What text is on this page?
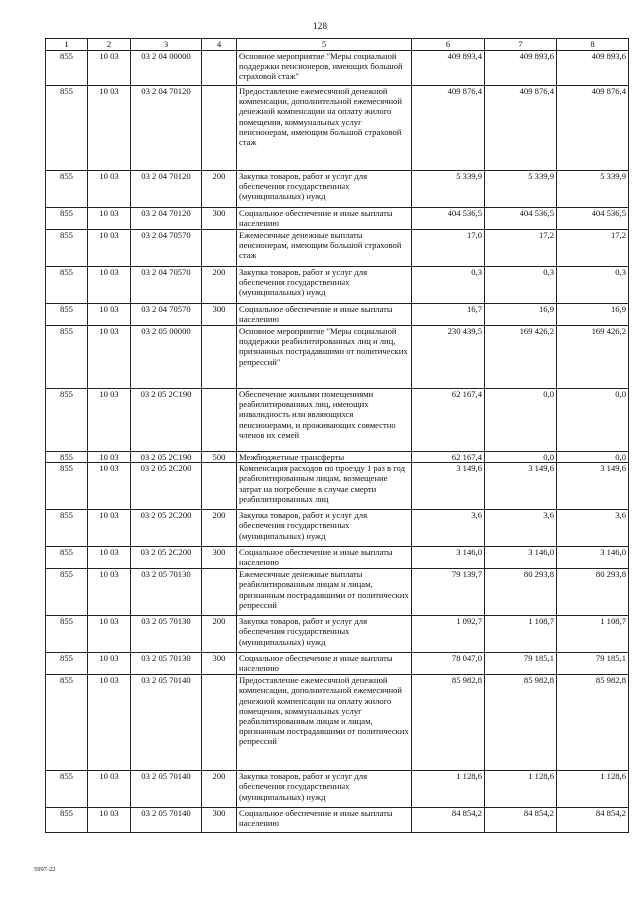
128
1	2	3	4	5	6	7	8
855	10 03	03 2 04 00000		Основное мероприятие "Меры социальной поддержки пенсионеров, имеющих большой страховой стаж"	409 893,4	409 893,6	409 893,6
855	10 03	03 2 04 70120		Предоставление ежемесячной денежной компенсации, дополнительной ежемесячной денежной компенсации на оплату жилого помещения, коммунальных услуг пенсионерам, имеющим большой страховой стаж	409 876,4	409 876,4	409 876,4
855	10 03	03 2 04 70120	200	Закупка товаров, работ и услуг для обеспечения государственных (муниципальных) нужд	5 339,9	5 339,9	5 339,9
855	10 03	03 2 04 70120	300	Социальное обеспечение и иные выплаты населению	404 536,5	404 536,5	404 536,5
855	10 03	03 2 04 70570		Ежемесячные денежные выплаты пенсионерам, имеющим большой страховой стаж	17,0	17,2	17,2
855	10 03	03 2 04 70570	200	Закупка товаров, работ и услуг для обеспечения государственных (муниципальных) нужд	0,3	0,3	0,3
855	10 03	03 2 04 70570	300	Социальное обеспечение и иные выплаты населению	16,7	16,9	16,9
855	10 03	03 2 05 00000		Основное мероприятие "Меры социальной поддержки реабилитированных лиц и лиц, признанных пострадавшими от политических репрессий"	230 439,5	169 426,2	169 426,2
855	10 03	03 2 05 2С190		Обеспечение жилыми помещениями реабилитированных лиц, имеющих инвалидность или являющихся пенсионерами, и проживающих совместно членов их семей	62 167,4	0,0	0,0
855	10 03	03 2 05 2С190	500	Межбюджетные трансферты	62 167,4	0,0	0,0
855	10 03	03 2 05 2С200		Компенсация расходов по проезду 1 раз в год реабилитированным лицам, возмещение затрат на погребение в случае смерти реабилитированных лиц	3 149,6	3 149,6	3 149,6
855	10 03	03 2 05 2С200	200	Закупка товаров, работ и услуг для обеспечения государственных (муниципальных) нужд	3,6	3,6	3,6
855	10 03	03 2 05 2С200	300	Социальное обеспечение и иные выплаты населению	3 146,0	3 146,0	3 146,0
855	10 03	03 2 05 70130		Ежемесячные денежные выплаты реабилитированным лицам и лицам, признанным пострадавшими от политических репрессий	79 139,7	80 293,8	80 293,8
855	10 03	03 2 05 70130	200	Закупка товаров, работ и услуг для обеспечения государственных (муниципальных) нужд	1 092,7	1 108,7	1 108,7
855	10 03	03 2 05 70130	300	Социальное обеспечение и иные выплаты населению	78 047,0	79 185,1	79 185,1
855	10 03	03 2 05 70140		Предоставление ежемесячной денежной компенсации, дополнительной ежемесячной денежной компенсации на оплату жилого помещения, коммунальных услуг реабилитированным лицам и лицам, признанным пострадавшими от политических репрессий	85 982,8	85 982,8	85 982,8
855	10 03	03 2 05 70140	200	Закупка товаров, работ и услуг для обеспечения государственных (муниципальных) нужд	1 128,6	1 128,6	1 128,6
855	10 03	03 2 05 70140	300	Социальное обеспечение и иные выплаты населению	84 854,2	84 854,2	84 854,2
5997-22
